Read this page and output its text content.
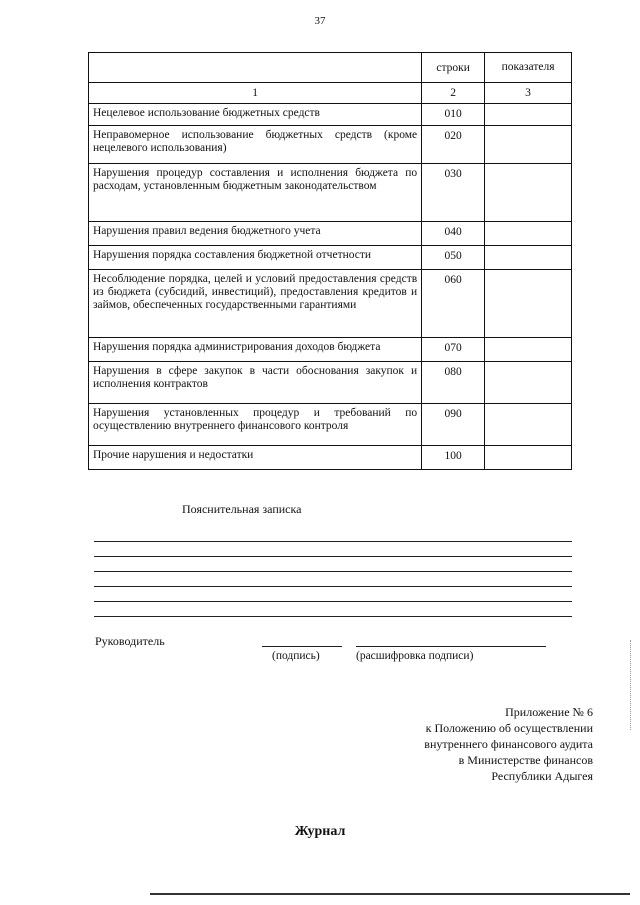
37
	строки	показателя
1	2	3
Нецелевое использование бюджетных средств	010	
Неправомерное использование бюджетных средств (кроме нецелевого использования)	020	
Нарушения процедур составления и исполнения бюджета по расходам, установленным бюджетным законодательством	030	
Нарушения правил ведения бюджетного учета	040	
Нарушения порядка составления бюджетной отчетности	050	
Несоблюдение порядка, целей и условий предоставления средств из бюджета (субсидий, инвестиций), предоставления кредитов и займов, обеспеченных государственными гарантиями	060	
Нарушения порядка администрирования доходов бюджета	070	
Нарушения в сфере закупок в части обоснования закупок и исполнения контрактов	080	
Нарушения установленных процедур и требований по осуществлению внутреннего финансового контроля	090	
Прочие нарушения и недостатки	100	
Пояснительная записка
Руководитель
(подпись)	(расшифровка подписи)
Приложение № 6
к Положению об осуществлении
внутреннего финансового аудита
в Министерстве финансов
Республики Адыгея
Журнал
